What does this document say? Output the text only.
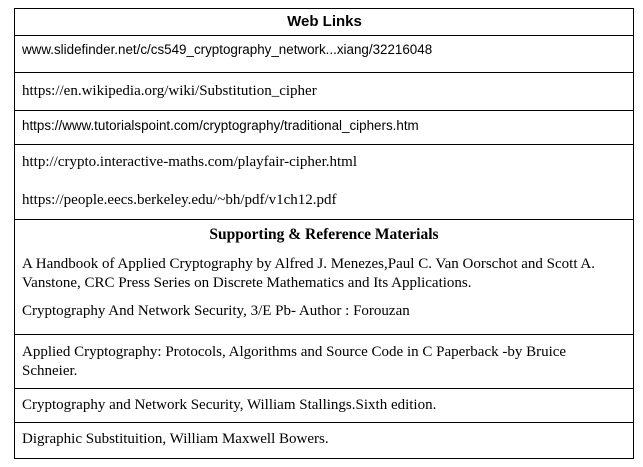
Web Links
www.slidefinder.net/c/cs549_cryptography_network...xiang/32216048
https://en.wikipedia.org/wiki/Substitution_cipher
https://www.tutorialspoint.com/cryptography/traditional_ciphers.htm
http://crypto.interactive-maths.com/playfair-cipher.html
https://people.eecs.berkeley.edu/~bh/pdf/v1ch12.pdf
Supporting & Reference Materials
A Handbook of Applied Cryptography by Alfred J. Menezes,Paul C. Van Oorschot and Scott A. Vanstone, CRC Press Series on Discrete Mathematics and Its Applications.
Cryptography And Network Security, 3/E Pb- Author : Forouzan
Applied Cryptography: Protocols, Algorithms and Source Code in C Paperback -by Bruice Schneier.
Cryptography and Network Security, William Stallings.Sixth edition.
Digraphic Substituition, William Maxwell Bowers.
